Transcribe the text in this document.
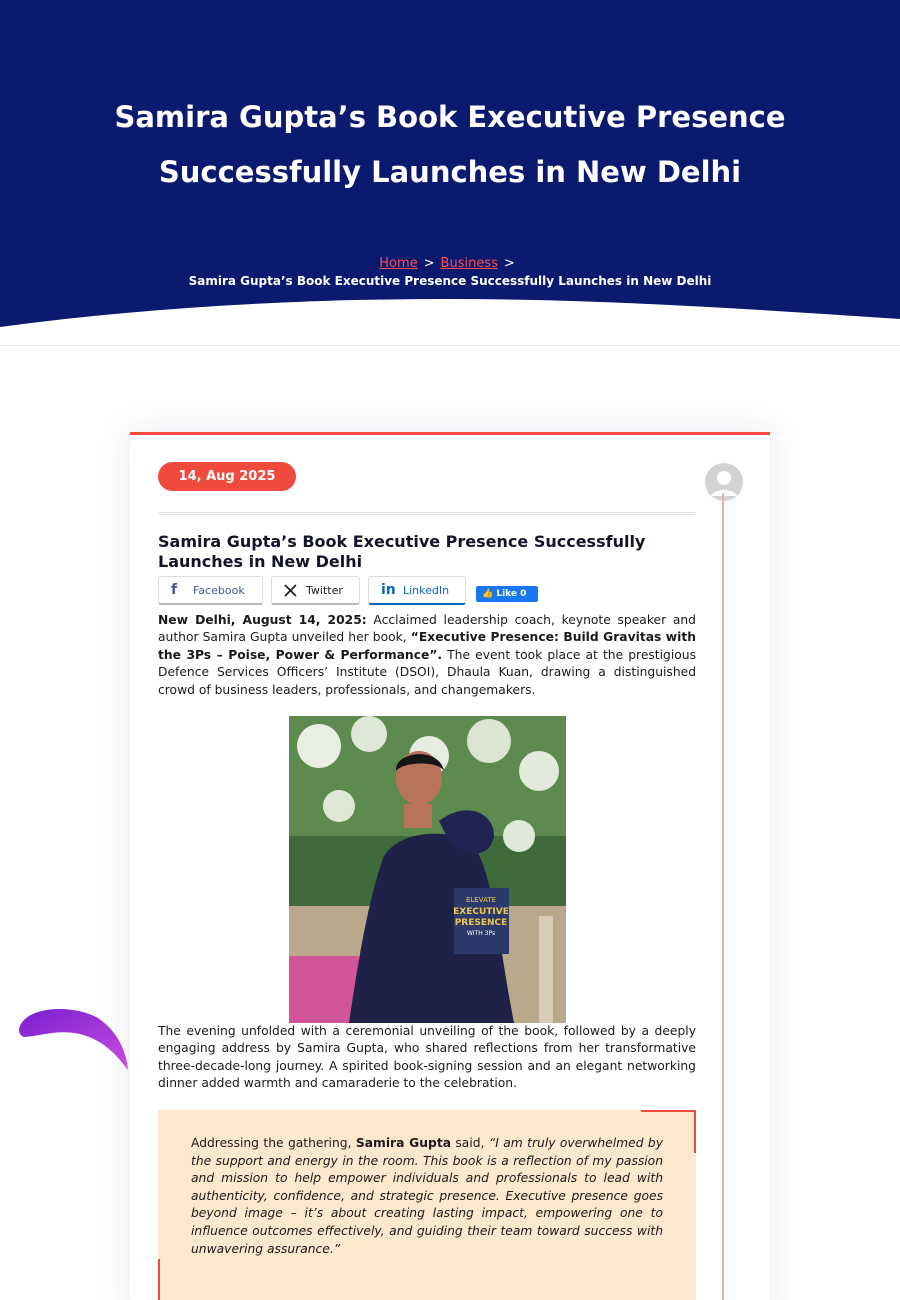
Samira Gupta’s Book Executive Presence Successfully Launches in New Delhi
Home > Business >
Samira Gupta’s Book Executive Presence Successfully Launches in New Delhi
14, Aug 2025
Samira Gupta’s Book Executive Presence Successfully Launches in New Delhi
f Facebook	Twitter	in LinkedIn	👍 Like 0

New Delhi, August 14, 2025: Acclaimed leadership coach, keynote speaker and author Samira Gupta unveiled her book, “Executive Presence: Build Gravitas with the 3Ps – Poise, Power & Performance”. The event took place at the prestigious Defence Services Officers’ Institute (DSOI), Dhaula Kuan, drawing a distinguished crowd of business leaders, professionals, and changemakers.

ELEVATE
EXECUTIVE
PRESENCE
WITH 3Ps

The evening unfolded with a ceremonial unveiling of the book, followed by a deeply engaging address by Samira Gupta, who shared reflections from her transformative three-decade-long journey. A spirited book-signing session and an elegant networking dinner added warmth and camaraderie to the celebration.

Addressing the gathering, Samira Gupta said, “I am truly overwhelmed by the support and energy in the room. This book is a reflection of my passion and mission to help empower individuals and professionals to lead with authenticity, confidence, and strategic presence. Executive presence goes beyond image – it’s about creating lasting impact, empowering one to influence outcomes effectively, and guiding their team toward success with unwavering assurance.”
